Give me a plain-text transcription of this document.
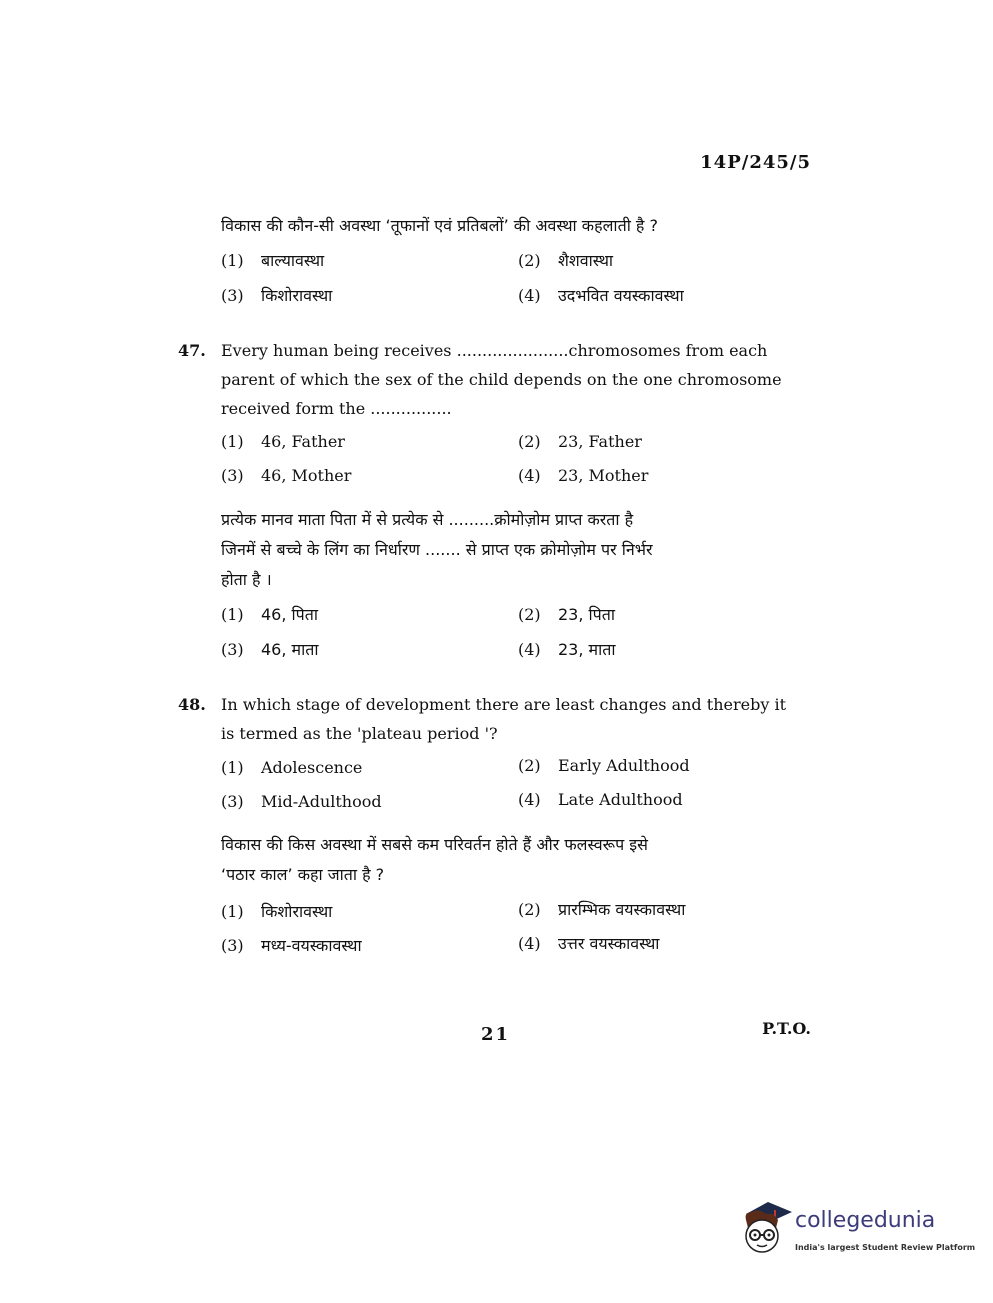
14P/245/5
विकास की कौन-सी अवस्था ‘तूफानों एवं प्रतिबलों’ की अवस्था कहलाती है ?
(1) बाल्यावस्था	(2) शैशवास्था
(3) किशोरावस्था	(4) उदभवित वयस्कावस्था
47. Every human being receives ......................chromosomes from each
parent of which the sex of the child depends on the one chromosome
received form the ................
(1) 46, Father	(2) 23, Father
(3) 46, Mother	(4) 23, Mother
प्रत्येक मानव माता पिता में से प्रत्येक से .........क्रोमोज़ोम प्राप्त करता है
जिनमें से बच्चे के लिंग का निर्धारण ....... से प्राप्त एक क्रोमोज़ोम पर निर्भर
होता है ।
(1) 46, पिता	(2) 23, पिता
(3) 46, माता	(4) 23, माता
48. In which stage of development there are least changes and thereby it
is termed as the 'plateau period '?
(1) Adolescence	(2) Early Adulthood
(3) Mid-Adulthood	(4) Late Adulthood
विकास की किस अवस्था में सबसे कम परिवर्तन होते हैं और फलस्वरूप इसे
‘पठार काल’ कहा जाता है ?
(1) किशोरावस्था	(2) प्रारम्भिक वयस्कावस्था
(3) मध्य-वयस्कावस्था	(4) उत्तर वयस्कावस्था
21	P.T.O.
collegedunia
India's largest Student Review Platform
